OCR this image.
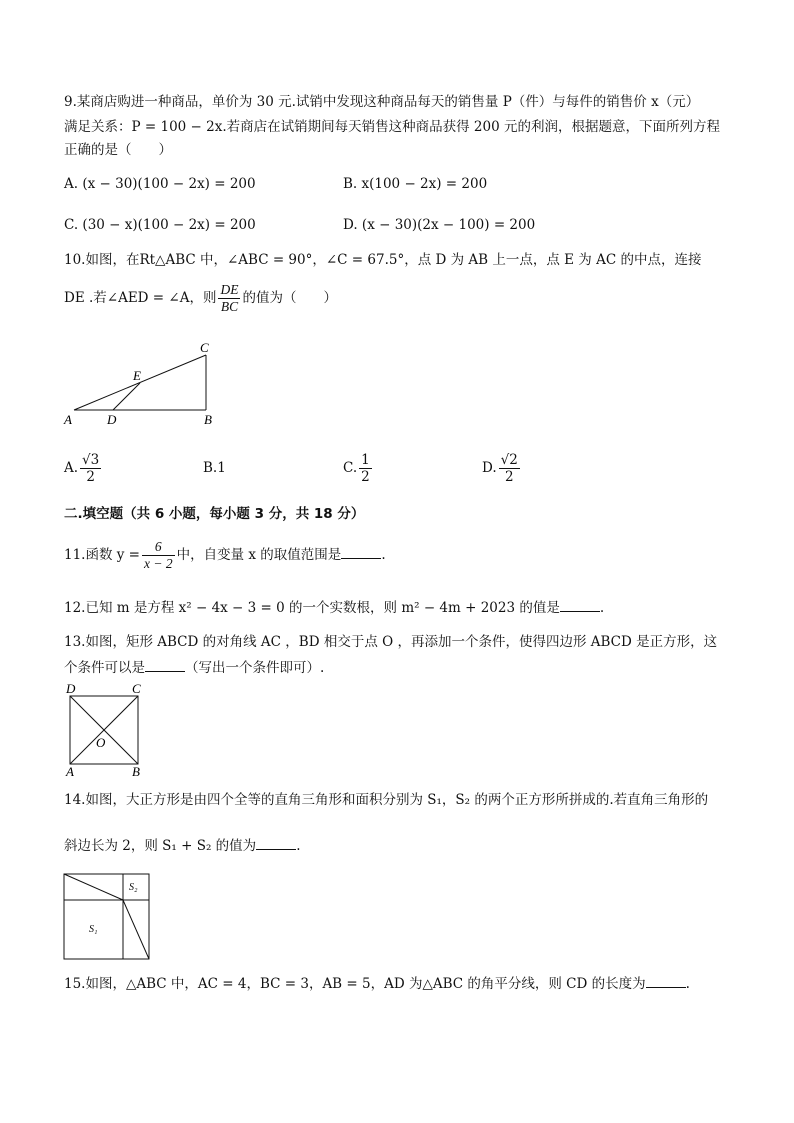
9.某商店购进一种商品，单价为 30 元.试销中发现这种商品每天的销售量 P（件）与每件的销售价 x（元）
满足关系：P = 100 − 2x.若商店在试销期间每天销售这种商品获得 200 元的利润，根据题意，下面所列方程
正确的是（　　）
A. (x − 30)(100 − 2x) = 200	B. x(100 − 2x) = 200
C. (30 − x)(100 − 2x) = 200	D. (x − 30)(2x − 100) = 200
10.如图，在Rt△ABC 中，∠ABC = 90°，∠C = 67.5°，点 D 为 AB 上一点，点 E 为 AC 的中点，连接
DE .若∠AED = ∠A，则 $\frac{DE}{BC}$ 的值为（　　）
A	D	B
C
E
A. $\frac{√3}{2}$	B.1	C. $\frac{1}{2}$	D. $\frac{√2}{2}$
二.填空题（共 6 小题，每小题 3 分，共 18 分）
11.函数 $y = \frac{6}{x - 2}$ 中，自变量 x 的取值范围是	.
12.已知 m 是方程 x² − 4x − 3 = 0 的一个实数根，则 m² − 4m + 2023 的值是	.
13.如图，矩形 ABCD 的对角线 AC ，BD 相交于点 O ，再添加一个条件，使得四边形 ABCD 是正方形，这
个条件可以是	（写出一个条件即可）.
D	C
A	B
O
14.如图，大正方形是由四个全等的直角三角形和面积分别为 S₁，S₂ 的两个正方形所拼成的.若直角三角形的
斜边长为 2，则 S₁ + S₂ 的值为	.
S₂
S₁
15.如图，△ABC 中，AC = 4，BC = 3，AB = 5，AD 为△ABC 的角平分线，则 CD 的长度为	.
